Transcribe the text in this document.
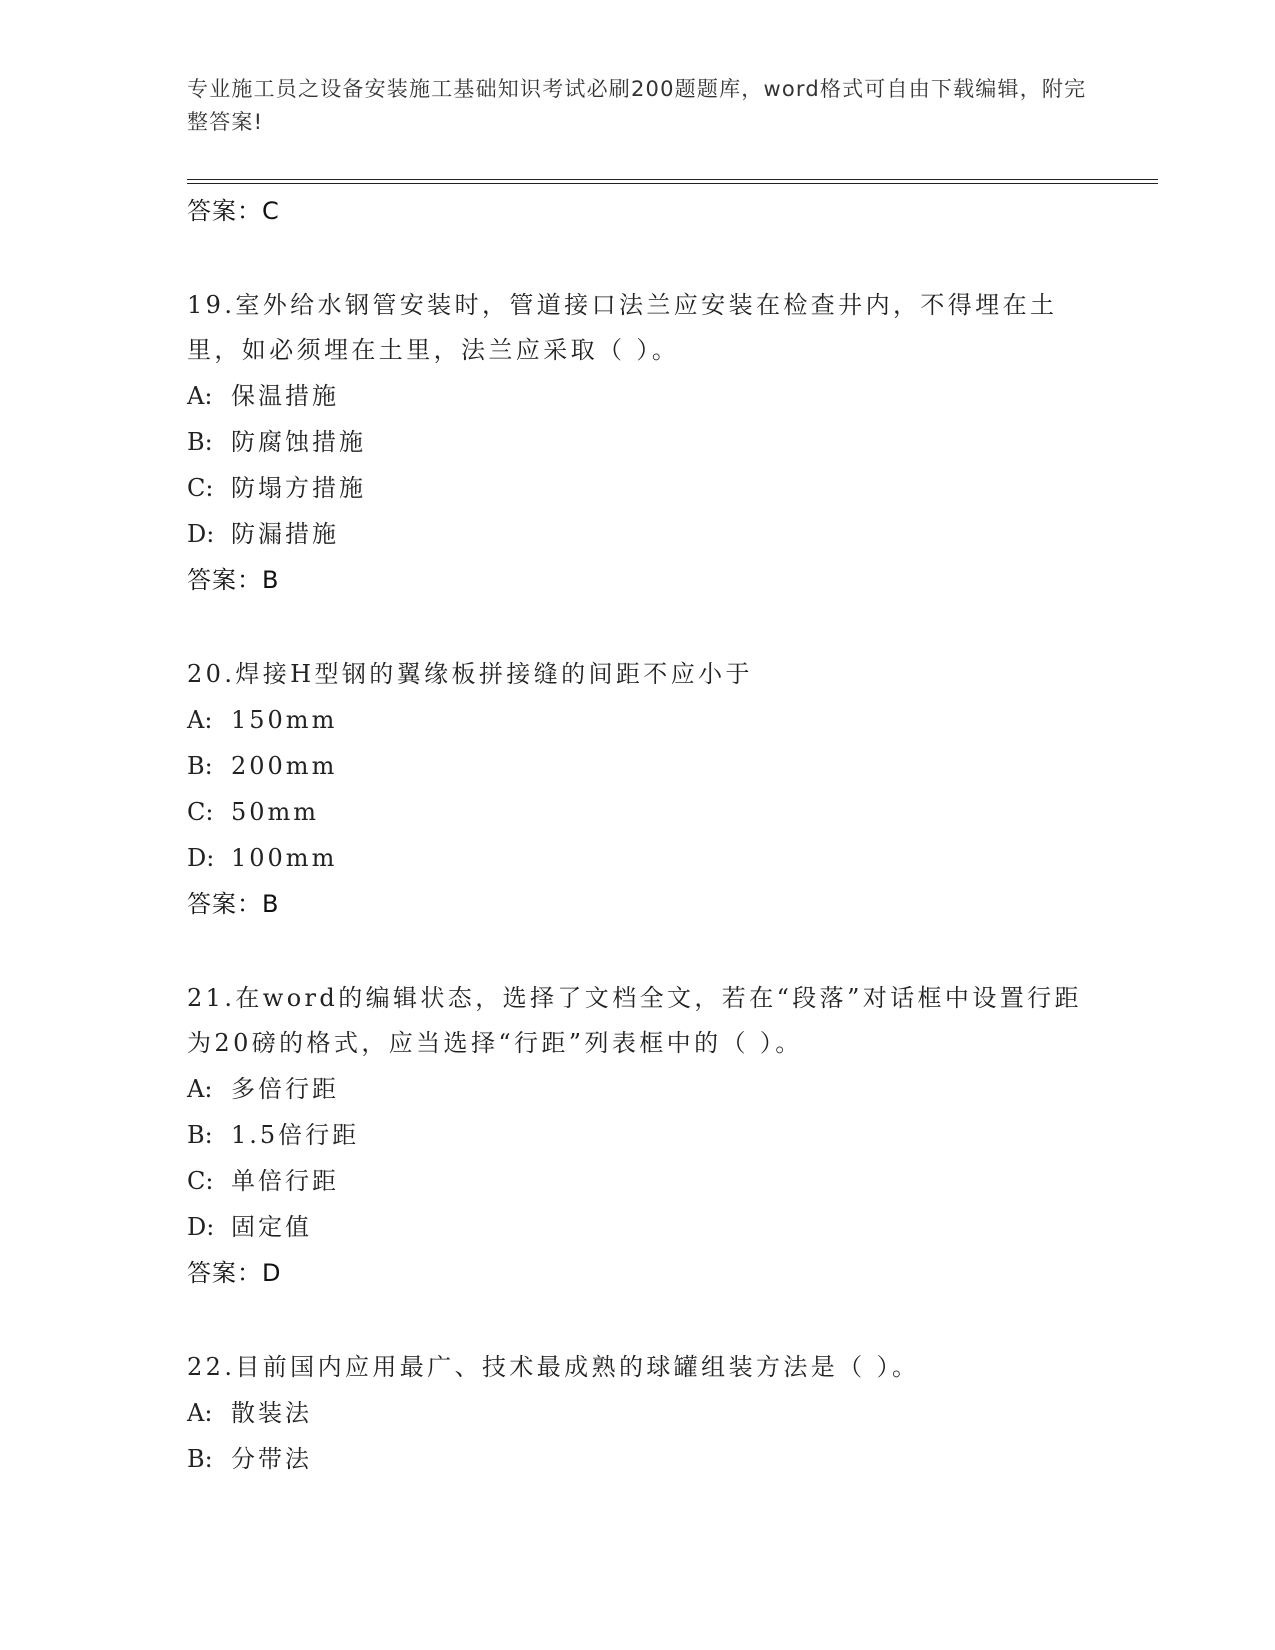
专业施工员之设备安装施工基础知识考试必刷200题题库，word格式可自由下载编辑，附完整答案!
答案：C
19.室外给水钢管安装时，管道接口法兰应安装在检查井内，不得埋在土里，如必须埋在土里，法兰应采取（ ）。
A: 保温措施
B: 防腐蚀措施
C: 防塌方措施
D: 防漏措施
答案：B
20.焊接H型钢的翼缘板拼接缝的间距不应小于
A: 150mm
B: 200mm
C: 50mm
D: 100mm
答案：B
21.在word的编辑状态，选择了文档全文，若在“段落”对话框中设置行距为20磅的格式，应当选择“行距”列表框中的（ ）。
A: 多倍行距
B: 1.5倍行距
C: 单倍行距
D: 固定值
答案：D
22.目前国内应用最广、技术最成熟的球罐组装方法是（ ）。
A: 散装法
B: 分带法
